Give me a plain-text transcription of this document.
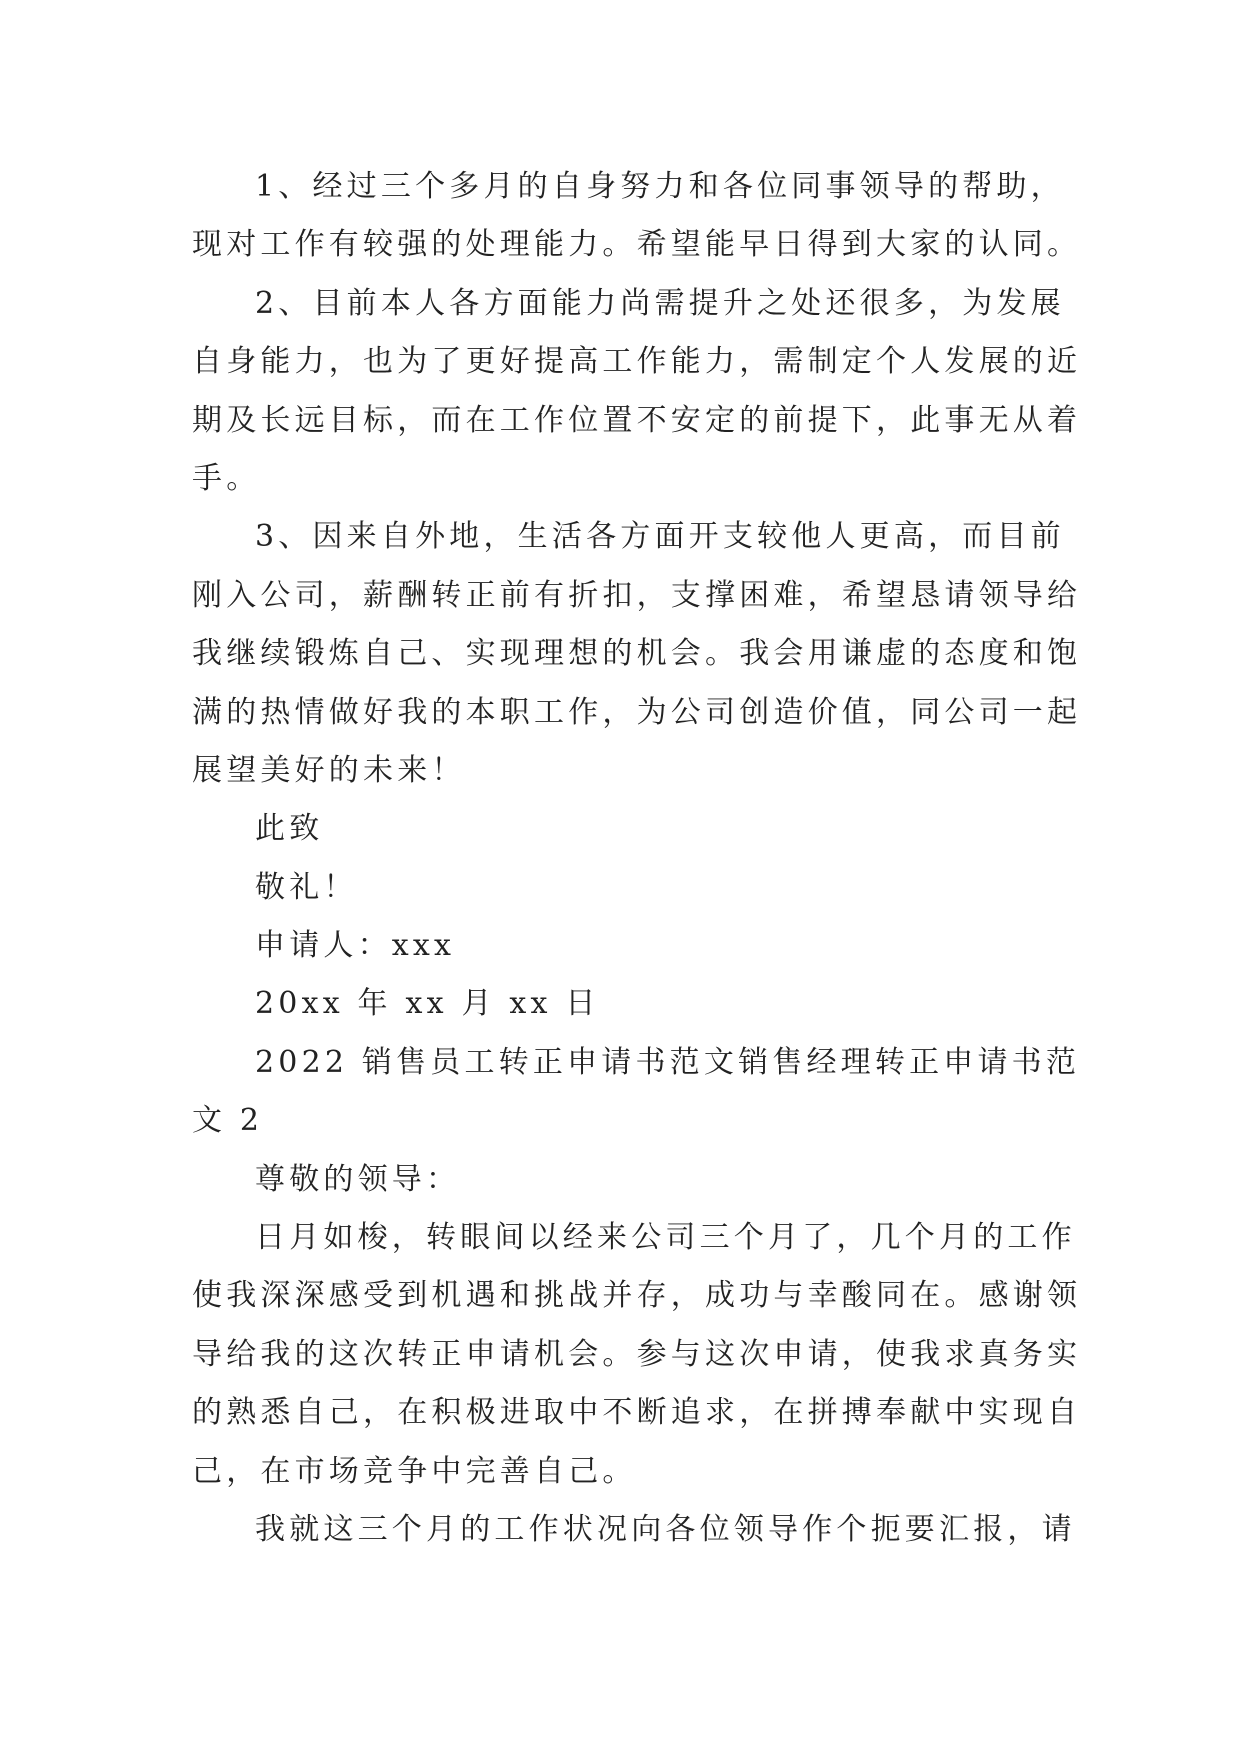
1、经过三个多月的自身努力和各位同事领导的帮助，
现对工作有较强的处理能力。希望能早日得到大家的认同。
2、目前本人各方面能力尚需提升之处还很多，为发展
自身能力，也为了更好提高工作能力，需制定个人发展的近
期及长远目标，而在工作位置不安定的前提下，此事无从着
手。
3、因来自外地，生活各方面开支较他人更高，而目前
刚入公司，薪酬转正前有折扣，支撑困难，希望恳请领导给
我继续锻炼自己、实现理想的机会。我会用谦虚的态度和饱
满的热情做好我的本职工作，为公司创造价值，同公司一起
展望美好的未来！
此致
敬礼！
申请人：xxx
20xx 年 xx 月 xx 日
2022 销售员工转正申请书范文销售经理转正申请书范
文 2
尊敬的领导：
日月如梭，转眼间以经来公司三个月了，几个月的工作
使我深深感受到机遇和挑战并存，成功与幸酸同在。感谢领
导给我的这次转正申请机会。参与这次申请，使我求真务实
的熟悉自己，在积极进取中不断追求，在拼搏奉献中实现自
己，在市场竞争中完善自己。
我就这三个月的工作状况向各位领导作个扼要汇报，请
